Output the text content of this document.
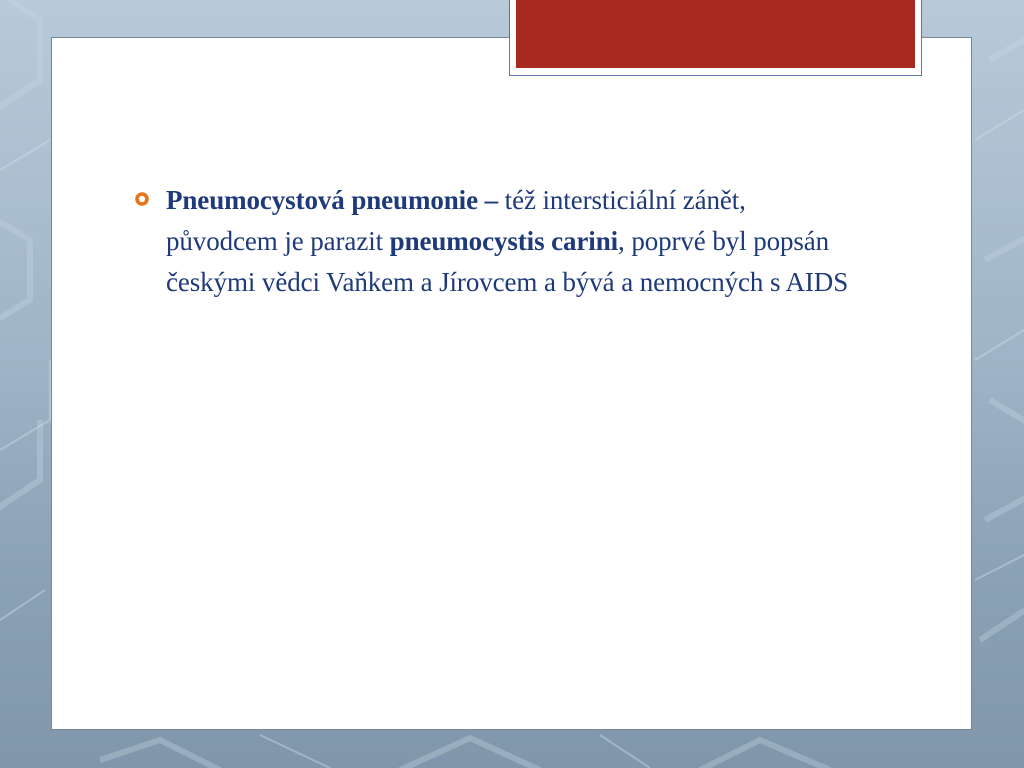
Pneumocystová pneumonie – též intersticiální zánět, původcem je parazit pneumocystis carini, poprvé byl popsán českými vědci Vaňkem a Jírovcem a bývá a nemocných s AIDS
